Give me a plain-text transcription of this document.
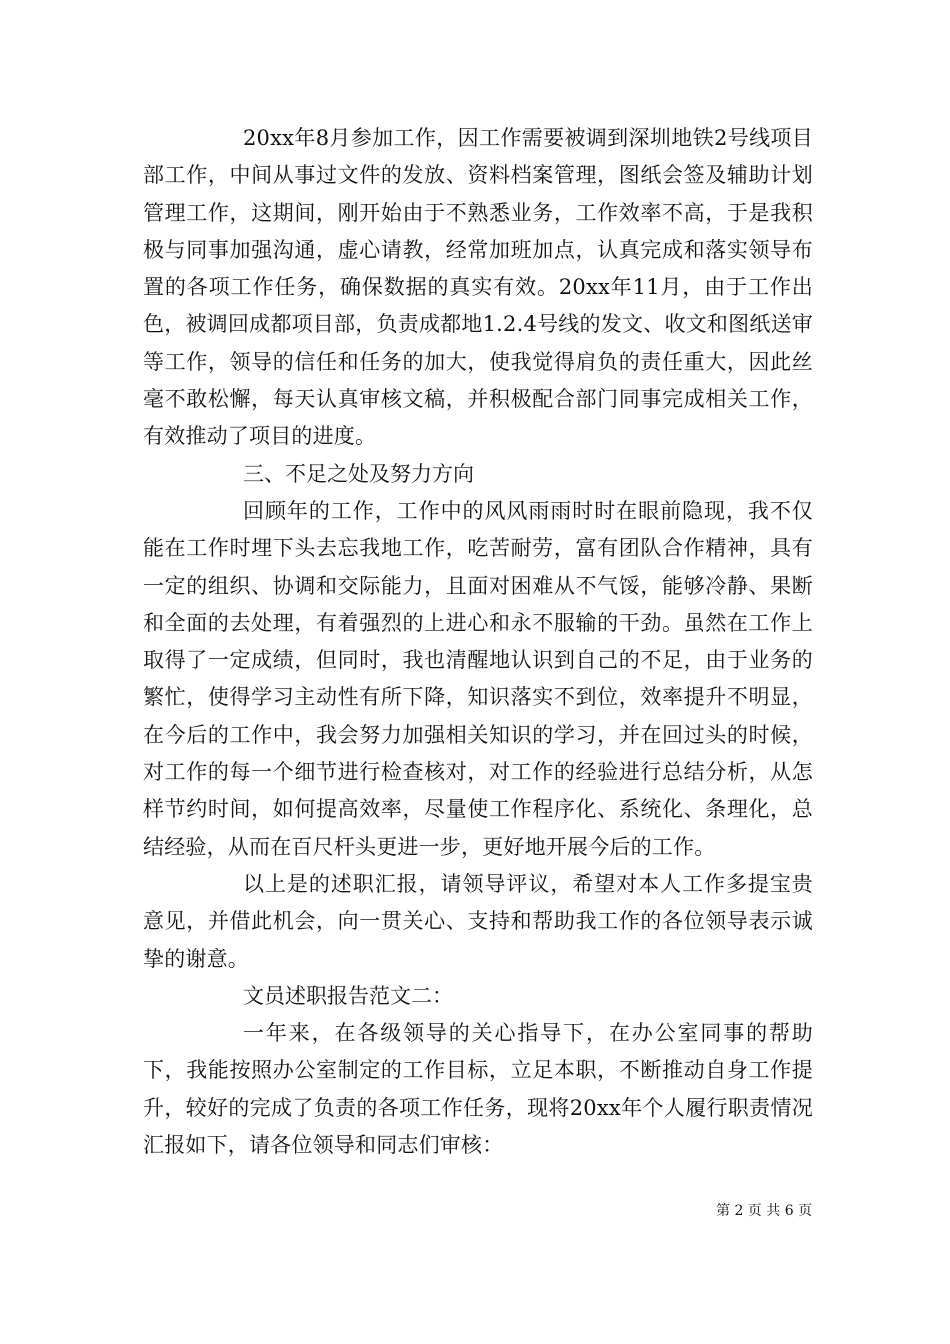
20xx年8月参加工作，因工作需要被调到深圳地铁2号线项目部工作，中间从事过文件的发放、资料档案管理，图纸会签及辅助计划管理工作，这期间，刚开始由于不熟悉业务，工作效率不高，于是我积极与同事加强沟通，虚心请教，经常加班加点，认真完成和落实领导布置的各项工作任务，确保数据的真实有效。20xx年11月，由于工作出色，被调回成都项目部，负责成都地1.2.4号线的发文、收文和图纸送审等工作，领导的信任和任务的加大，使我觉得肩负的责任重大，因此丝毫不敢松懈，每天认真审核文稿，并积极配合部门同事完成相关工作，有效推动了项目的进度。

三、不足之处及努力方向

回顾年的工作，工作中的风风雨雨时时在眼前隐现，我不仅能在工作时埋下头去忘我地工作，吃苦耐劳，富有团队合作精神，具有一定的组织、协调和交际能力，且面对困难从不气馁，能够冷静、果断和全面的去处理，有着强烈的上进心和永不服输的干劲。虽然在工作上取得了一定成绩，但同时，我也清醒地认识到自己的不足，由于业务的繁忙，使得学习主动性有所下降，知识落实不到位，效率提升不明显，在今后的工作中，我会努力加强相关知识的学习，并在回过头的时候，对工作的每一个细节进行检查核对，对工作的经验进行总结分析，从怎样节约时间，如何提高效率，尽量使工作程序化、系统化、条理化，总结经验，从而在百尺杆头更进一步，更好地开展今后的工作。

以上是的述职汇报，请领导评议，希望对本人工作多提宝贵意见，并借此机会，向一贯关心、支持和帮助我工作的各位领导表示诚挚的谢意。

文员述职报告范文二：

一年来，在各级领导的关心指导下，在办公室同事的帮助下，我能按照办公室制定的工作目标，立足本职，不断推动自身工作提升，较好的完成了负责的各项工作任务，现将20xx年个人履行职责情况汇报如下，请各位领导和同志们审核：

第 2 页 共 6 页
